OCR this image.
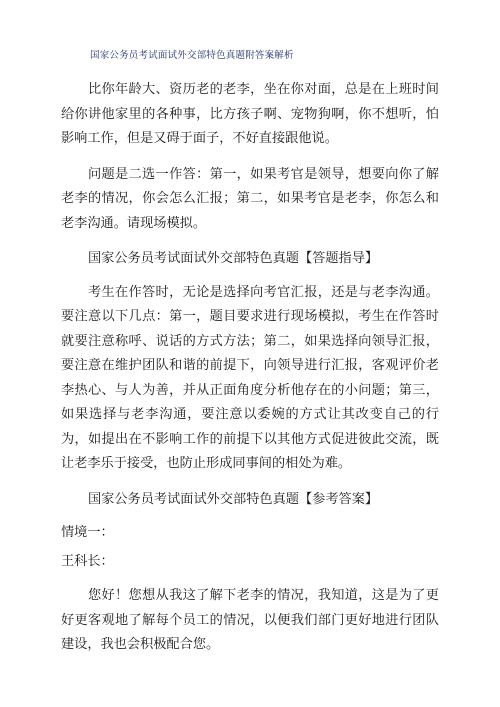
国家公务员考试面试外交部特色真题附答案解析

比你年龄大、资历老的老李，坐在你对面，总是在上班时间给你讲他家里的各种事，比方孩子啊、宠物狗啊，你不想听，怕影响工作，但是又碍于面子，不好直接跟他说。

问题是二选一作答：第一，如果考官是领导，想要向你了解老李的情况，你会怎么汇报；第二，如果考官是老李，你怎么和老李沟通。请现场模拟。

国家公务员考试面试外交部特色真题【答题指导】

考生在作答时，无论是选择向考官汇报，还是与老李沟通。要注意以下几点：第一，题目要求进行现场模拟，考生在作答时就要注意称呼、说话的方式方法；第二，如果选择向领导汇报，要注意在维护团队和谐的前提下，向领导进行汇报，客观评价老李热心、与人为善，并从正面角度分析他存在的小问题；第三，如果选择与老李沟通，要注意以委婉的方式让其改变自己的行为，如提出在不影响工作的前提下以其他方式促进彼此交流，既让老李乐于接受，也防止形成同事间的相处为难。

国家公务员考试面试外交部特色真题【参考答案】

情境一：

王科长：

您好！您想从我这了解下老李的情况，我知道，这是为了更好更客观地了解每个员工的情况，以便我们部门更好地进行团队建设，我也会积极配合您。
